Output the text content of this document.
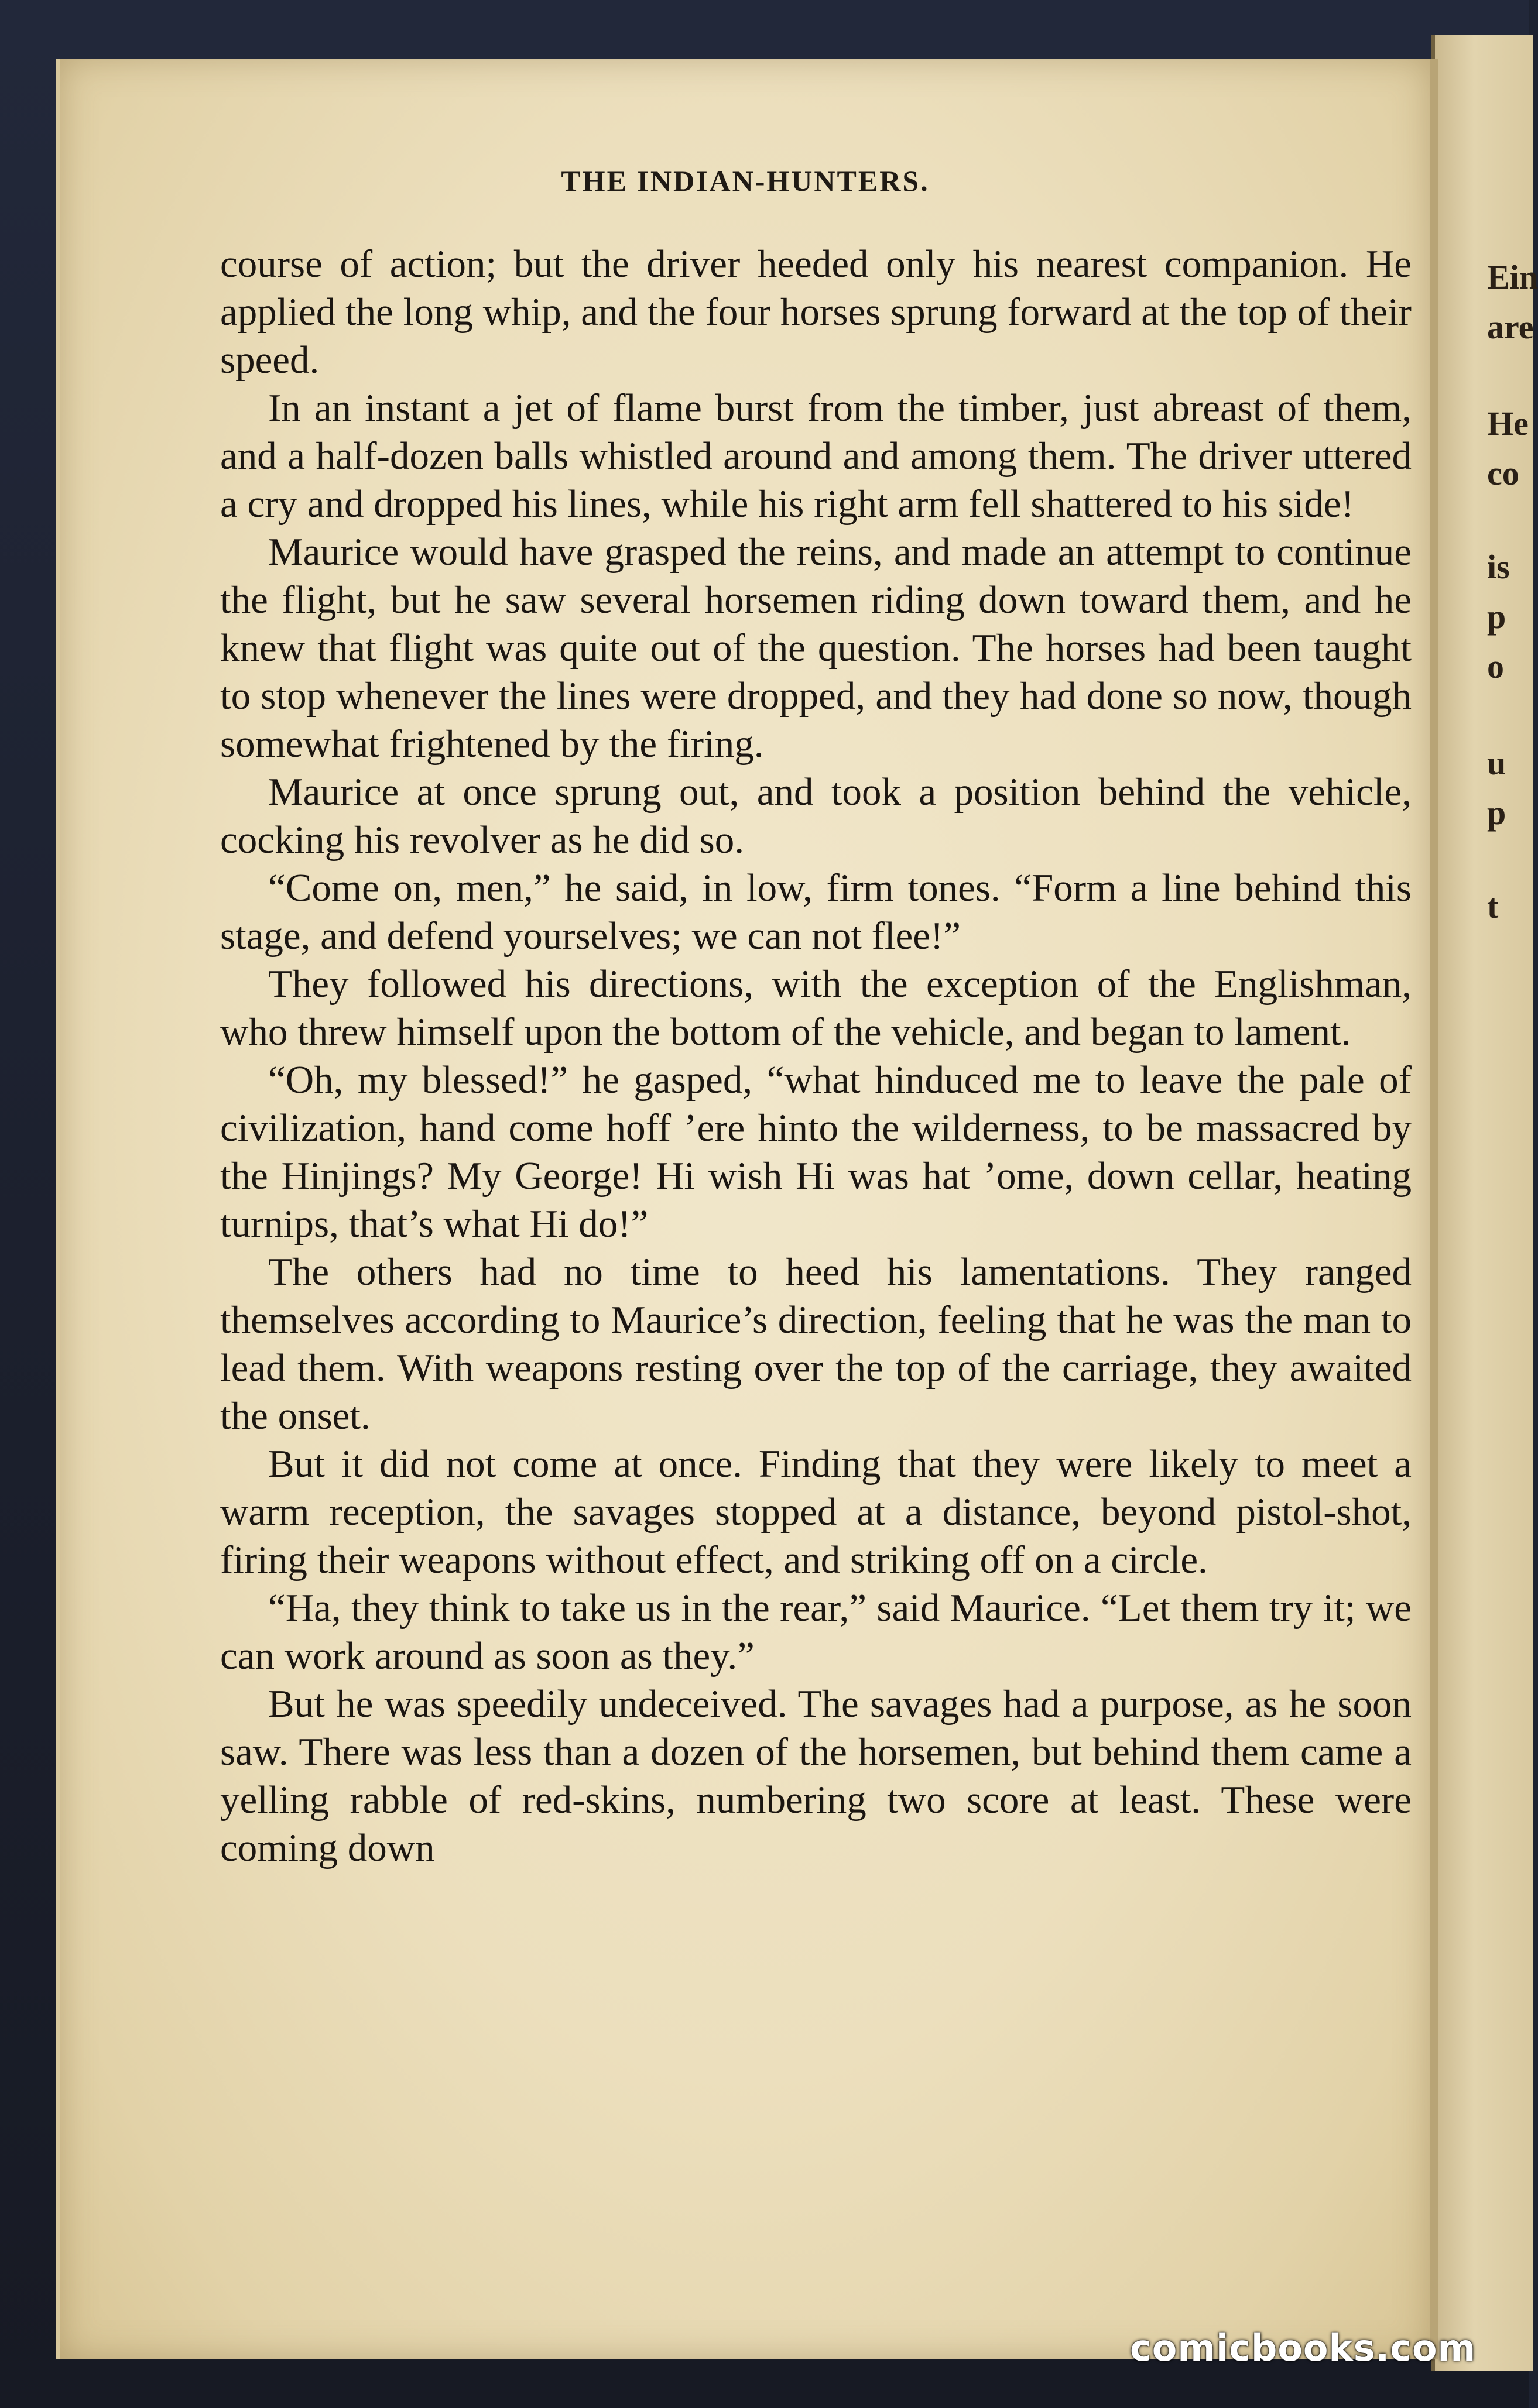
Ein
are
He
co
is
p
o
u
p
t
THE INDIAN-HUNTERS.

course of action; but the driver heeded only his nearest companion. He applied the long whip, and the four horses sprung forward at the top of their speed.

In an instant a jet of flame burst from the timber, just abreast of them, and a half-dozen balls whistled around and among them. The driver uttered a cry and dropped his lines, while his right arm fell shattered to his side!

Maurice would have grasped the reins, and made an attempt to continue the flight, but he saw several horsemen riding down toward them, and he knew that flight was quite out of the question. The horses had been taught to stop whenever the lines were dropped, and they had done so now, though somewhat frightened by the firing.

Maurice at once sprung out, and took a position behind the vehicle, cocking his revolver as he did so.

“Come on, men,” he said, in low, firm tones. “Form a line behind this stage, and defend yourselves; we can not flee!”

They followed his directions, with the exception of the Englishman, who threw himself upon the bottom of the vehicle, and began to lament.

“Oh, my blessed!” he gasped, “what hinduced me to leave the pale of civilization, hand come hoff ’ere hinto the wilderness, to be massacred by the Hinjings? My George! Hi wish Hi was hat ’ome, down cellar, heating turnips, that’s what Hi do!”

The others had no time to heed his lamentations. They ranged themselves according to Maurice’s direction, feeling that he was the man to lead them. With weapons resting over the top of the carriage, they awaited the onset.

But it did not come at once. Finding that they were likely to meet a warm reception, the savages stopped at a distance, beyond pistol-shot, firing their weapons without effect, and striking off on a circle.

“Ha, they think to take us in the rear,” said Maurice. “Let them try it; we can work around as soon as they.”

But he was speedily undeceived. The savages had a purpose, as he soon saw. There was less than a dozen of the horsemen, but behind them came a yelling rabble of red-skins, numbering two score at least. These were coming down

comicbooks.com
